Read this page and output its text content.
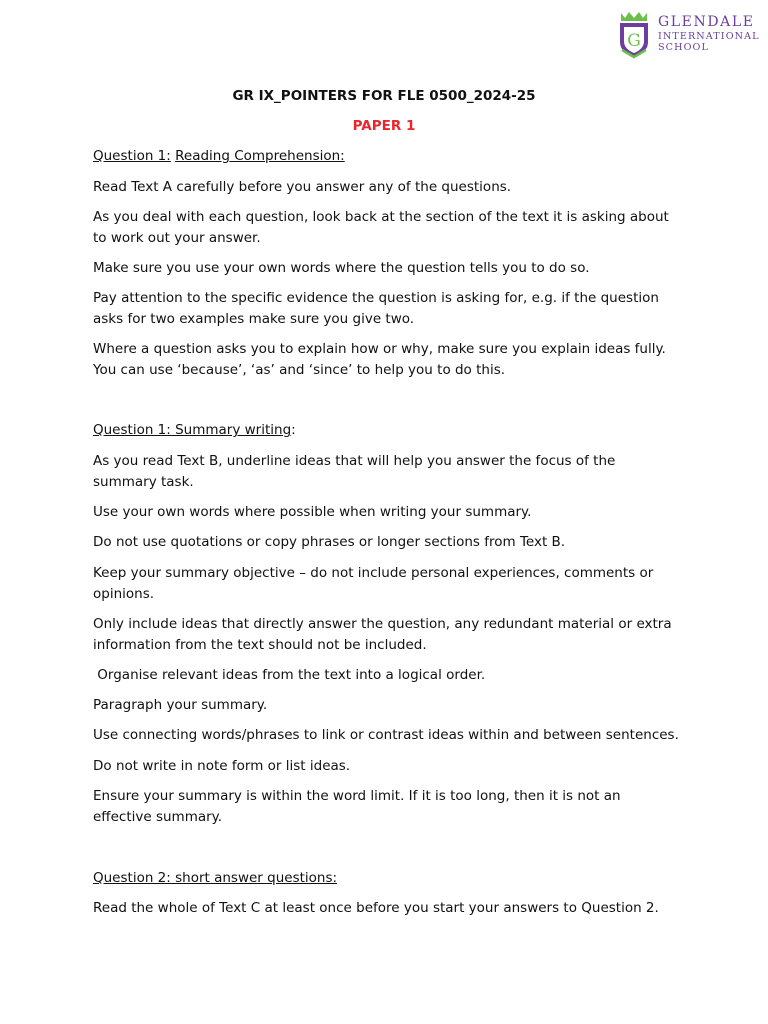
G
GLENDALE
INTERNATIONAL
SCHOOL
GR IX_POINTERS FOR FLE 0500_2024-25
PAPER 1

Question 1: Reading Comprehension:

Read Text A carefully before you answer any of the questions.

As you deal with each question, look back at the section of the text it is asking about to work out your answer.

Make sure you use your own words where the question tells you to do so.

Pay attention to the specific evidence the question is asking for, e.g. if the question asks for two examples make sure you give two.

Where a question asks you to explain how or why, make sure you explain ideas fully. You can use ‘because’, ‘as’ and ‘since’ to help you to do this.

Question 1: Summary writing:

As you read Text B, underline ideas that will help you answer the focus of the summary task.

Use your own words where possible when writing your summary.

Do not use quotations or copy phrases or longer sections from Text B.

Keep your summary objective – do not include personal experiences, comments or opinions.

Only include ideas that directly answer the question, any redundant material or extra information from the text should not be included.

Organise relevant ideas from the text into a logical order.

Paragraph your summary.

Use connecting words/phrases to link or contrast ideas within and between sentences.

Do not write in note form or list ideas.

Ensure your summary is within the word limit. If it is too long, then it is not an effective summary.

Question 2: short answer questions:

Read the whole of Text C at least once before you start your answers to Question 2.
